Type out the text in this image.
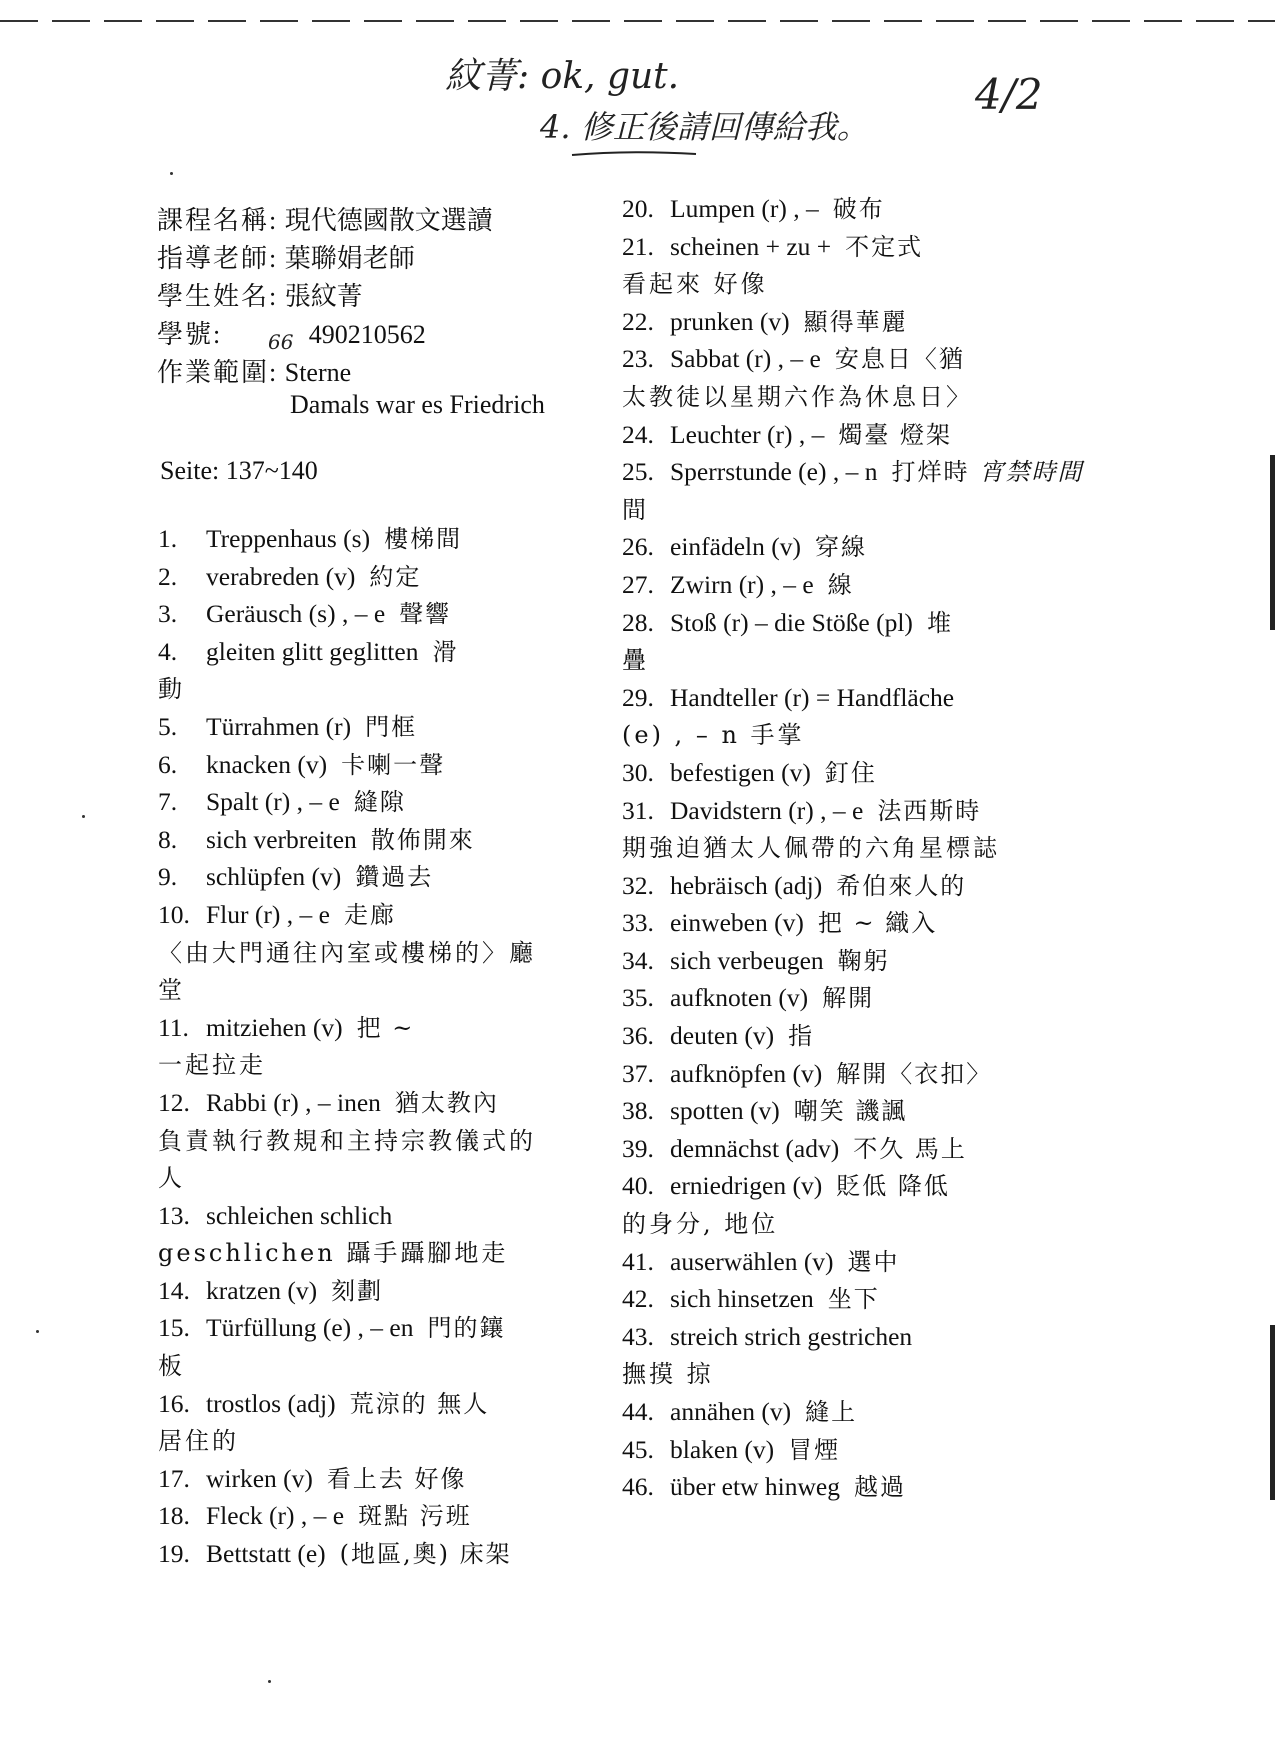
紋菁: ok, gut.
4. 修正後請回傳給我。
4/2
課程名稱: 現代德國散文選讀
指導老師: 葉聯娟老師
學生姓名: 張紋菁
學號:	490210562
66
作業範圍: Sterne
Damals war es Friedrich
Seite: 137~140
1. Treppenhaus (s) 樓梯間
2. verabreden (v) 約定
3. Geräusch (s) , – e 聲響
4. gleiten glitt geglitten 滑
動
5. Türrahmen (r) 門框
6. knacken (v) 卡喇一聲
7. Spalt (r) , – e 縫隙
8. sich verbreiten 散佈開來
9. schlüpfen (v) 鑽過去
10. Flur (r) , – e 走廊
〈由大門通往內室或樓梯的〉廳
堂
11. mitziehen (v) 把 ~
一起拉走
12. Rabbi (r) , – inen 猶太教內
負責執行教規和主持宗教儀式的
人
13. schleichen schlich
geschlichen 躡手躡腳地走
14. kratzen (v) 刻劃
15. Türfüllung (e) , – en 門的鑲
板
16. trostlos (adj) 荒涼的 無人
居住的
17. wirken (v) 看上去 好像
18. Fleck (r) , – e 斑點 污班
19. Bettstatt (e) (地區,奧) 床架
20. Lumpen (r) , – 破布
21. scheinen + zu + 不定式
看起來 好像
22. prunken (v) 顯得華麗
23. Sabbat (r) , – e 安息日〈猶
太教徒以星期六作為休息日〉
24. Leuchter (r) , – 燭臺 燈架
25. Sperrstunde (e) , – n 打烊時 宵禁時間
間
26. einfädeln (v) 穿線
27. Zwirn (r) , – e 線
28. Stoß (r) – die Stöße (pl) 堆
疊
29. Handteller (r) = Handfläche
(e) , – n 手掌
30. befestigen (v) 釘住
31. Davidstern (r) , – e 法西斯時
期強迫猶太人佩帶的六角星標誌
32. hebräisch (adj) 希伯來人的
33. einweben (v) 把 ~ 織入
34. sich verbeugen 鞠躬
35. aufknoten (v) 解開
36. deuten (v) 指
37. aufknöpfen (v) 解開〈衣扣〉
38. spotten (v) 嘲笑 譏諷
39. demnächst (adv) 不久 馬上
40. erniedrigen (v) 貶低 降低
的身分, 地位
41. auserwählen (v) 選中
42. sich hinsetzen 坐下
43. streich strich gestrichen
撫摸 掠
44. annähen (v) 縫上
45. blaken (v) 冒煙
46. über etw hinweg 越過
